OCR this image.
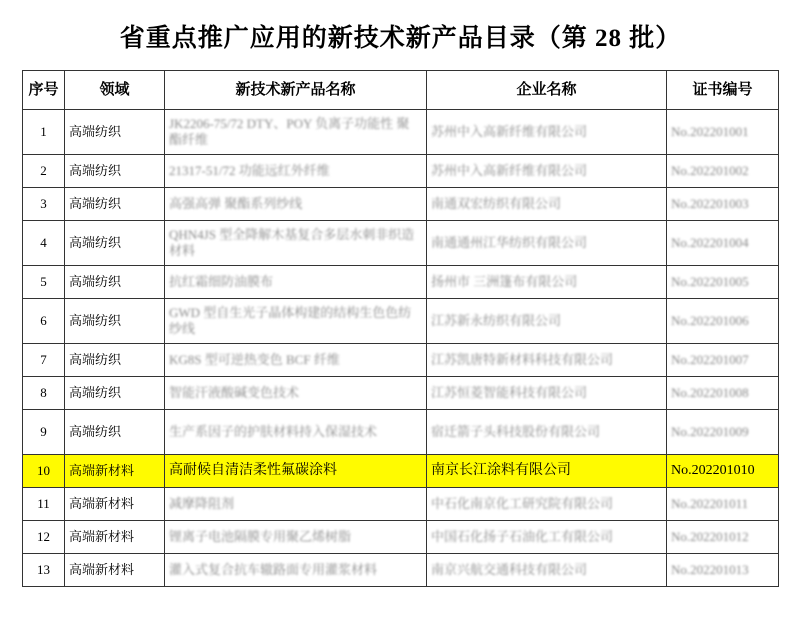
省重点推广应用的新技术新产品目录（第 28 批）
序号	领域	新技术新产品名称	企业名称	证书编号
1	高端纺织	JK2206-75/72 DTY、POY 负离子功能性 聚酯纤维	苏州中入高新纤维有限公司	No.202201001
2	高端纺织	21317-51/72 功能远红外纤维	苏州中入高新纤维有限公司	No.202201002
3	高端纺织	高强高弹 聚酯系列纱线	南通双宏纺织有限公司	No.202201003
4	高端纺织	QHN4JS 型全降解木基复合多层水刺非织造材料	南通通州江华纺织有限公司	No.202201004
5	高端纺织	抗红霜细防油膜布	扬州市 三洲篷布有限公司	No.202201005
6	高端纺织	GWD 型自生光子晶体构建的结构生色色纺纱线	江苏新永纺织有限公司	No.202201006
7	高端纺织	KG8S 型可逆热变色 BCF 纤维	江苏凯唐特新材料科技有限公司	No.202201007
8	高端纺织	智能汗液酸碱变色技术	江苏恒菱智能科技有限公司	No.202201008
9	高端纺织	生产系因子的护肤材料持入保湿技术	宿迁箭子头科技股份有限公司	No.202201009
10	高端新材料	高耐候自清洁柔性氟碳涂料	南京长江涂料有限公司	No.202201010
11	高端新材料	减摩降阻剂	中石化南京化工研究院有限公司	No.202201011
12	高端新材料	锂离子电池隔膜专用聚乙烯树脂	中国石化扬子石油化工有限公司	No.202201012
13	高端新材料	灌入式复合抗车辙路面专用灌浆材料	南京兴航交通科技有限公司	No.202201013
